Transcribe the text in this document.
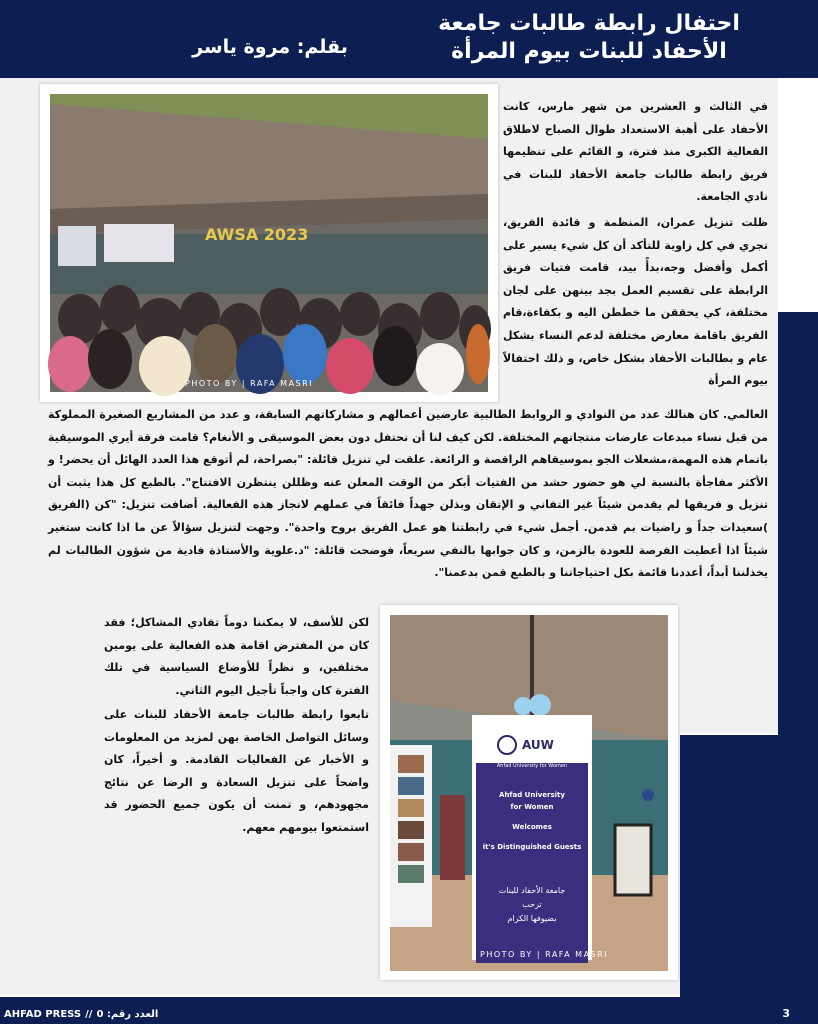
احتفال رابطة طالبات جامعة الأحفاد للبنات بيوم المرأة
بقلم: مروة ياسر
AWSA 2023
PHOTO BY | RAFA MASRI
AUW
Ahfad University for Women
Ahfad University
for Women
Welcomes
it's Distinguished Guests
جامعة الأحفاد للبنات
ترحب
بضيوفها الكرام
PHOTO BY | RAFA MASRI

في الثالث و العشرين من شهر مارس، كانت الأحفاد على أهبة الاستعداد طوال الصباح لاطلاق الفعالية الكبرى منذ فترة، و القائم على تنظيمها فريق رابطة طالبات جامعة الأحفاد للبنات في نادي الجامعة.

ظلت تنزيل عمران، المنظمة و قائدة الفريق، تجري في كل زاوية للتأكد أن كل شيء يسير على أكمل وأفضل وجه،بدأً بيد، قامت فتيات فريق الرابطة على تقسيم العمل بجد بينهن على لجان مختلفة، كي يحققن ما خططن اليه و بكفاءة،قام الفريق باقامة معارض مختلفة لدعم النساء بشكل عام و بطالبات الأحفاد بشكل خاص، و ذلك احتفالاً بيوم المرأة

العالمي. كان هنالك عدد من النوادي و الروابط الطالبية عارضين أعمالهم و مشاركاتهم السابقة، و عدد من المشاريع الصغيرة المملوكة من قبل نساء مبدعات عارضات منتجاتهم المختلفة. لكن كيف لنا أن نحتفل دون بعض الموسيقى و الأنغام؟ قامت فرقة أيري الموسيقية باتمام هذه المهمة،مشعلات الجو بموسيقاهم الراقصة و الرائعة. علقت لي تنزيل قائلة: "بصراحة، لم أتوقع هذا العدد الهائل أن يحضر! و الأكثر مفاجأة بالنسبة لي هو حضور حشد من الفتيات أبكر من الوقت المعلن عنه وظللن ينتظرن الافتتاح". بالطبع كل هذا يثبت أن تنزيل و فريقها لم يقدمن شيئاً غير التفاني و الإتقان وبذلن جهداً فائقاً في عملهم لانجاز هذه الفعالية. أضافت تنزيل: "كن (الفريق )سعيدات جداً و راضيات بم قدمن. أجمل شيء في رابطتنا هو عمل الفريق بروح واحدة". وجهت لتنزيل سؤالاً عن ما اذا كانت ستغير شيئاً اذا أعطيت الفرصة للعودة بالزمن، و كان جوابها بالنفي سريعاً، فوضحت قائلة: "د.علوية والأستاذة فادية من شؤون الطالبات لم يخذلننا أبداً، أعددنا قائمة بكل احتياجاتنا و بالطبع قمن بدعمنا".

لكن للأسف، لا يمكننا دوماً تفادي المشاكل؛ فقد كان من المفترض اقامة هذه الفعالية على يومين مختلفين، و نظراً للأوضاع السياسية في تلك الفترة كان واجباً تأجيل اليوم الثاني.

تابعوا رابطة طالبات جامعة الأحفاد للبنات على وسائل التواصل الخاصة بهن لمزيد من المعلومات و الأخبار عن الفعاليات القادمة. و أخيراً، كان واضحاً على تنزيل السعادة و الرضا عن نتائج مجهودهم، و تمنت أن يكون جميع الحضور قد استمتعوا بيومهم معهم.

AHFAD PRESS // العدد رقم: 0	3
